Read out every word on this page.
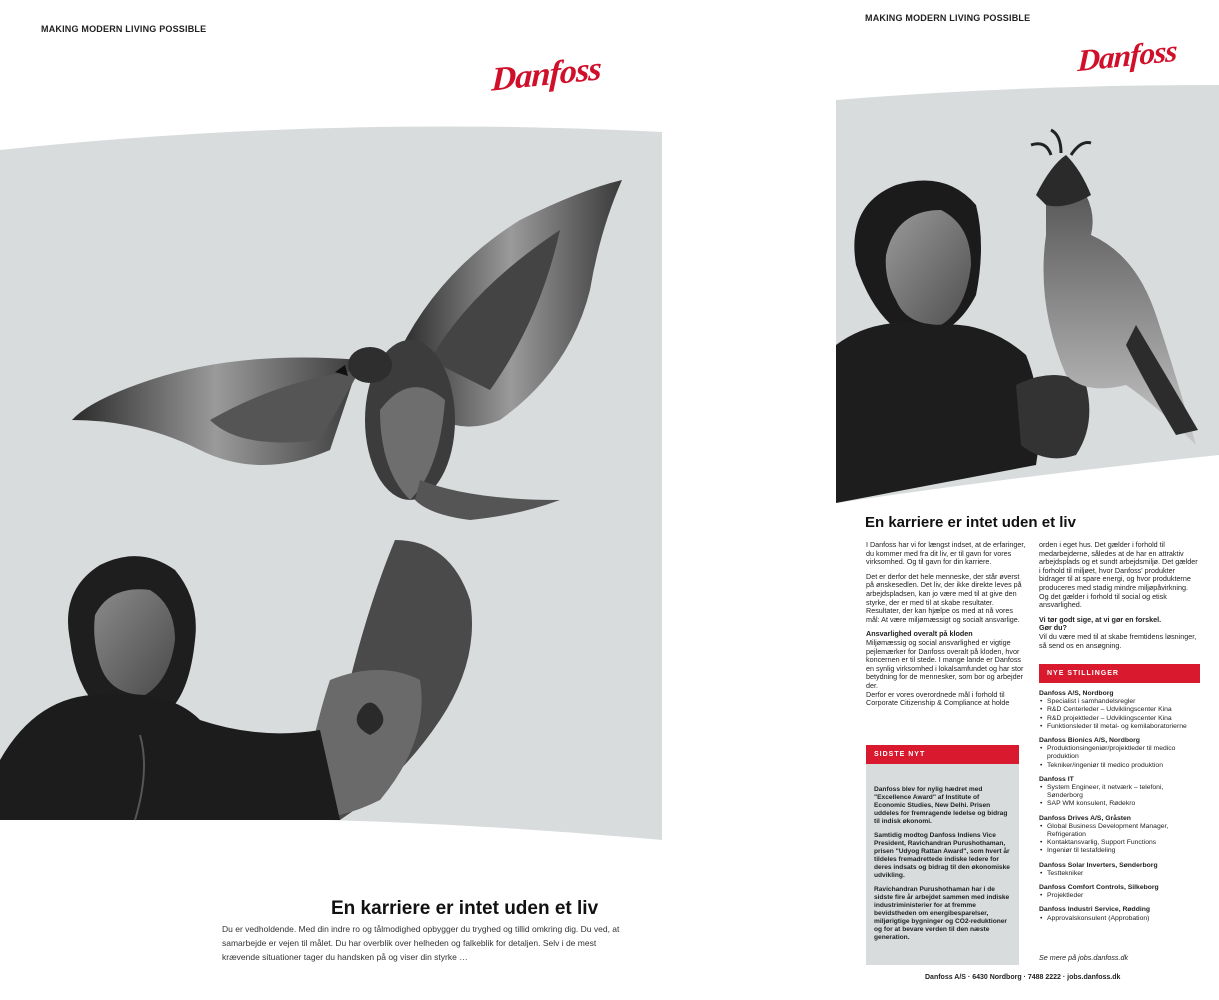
MAKING MODERN LIVING POSSIBLE
Danfoss
En karriere er intet uden et liv
Du er vedholdende. Med din indre ro og tålmodighed opbygger du tryghed og tillid omkring dig. Du ved, at samarbejde er vejen til målet. Du har overblik over helheden og falkeblik for detaljen. Selv i de mest krævende situationer tager du handsken på og viser din styrke …
MAKING MODERN LIVING POSSIBLE
Danfoss
En karriere er intet uden et liv

I Danfoss har vi for længst indset, at de erfaringer, du kommer med fra dit liv, er til gavn for vores virksomhed. Og til gavn for din karriere.

Det er derfor det hele menneske, der står øverst på ønskesedlen. Det liv, der ikke direkte leves på arbejdspladsen, kan jo være med til at give den styrke, der er med til at skabe resultater. Resultater, der kan hjælpe os med at nå vores mål: At være miljømæssigt og socialt ansvarlige.

Ansvarlighed overalt på kloden
Miljømæssig og social ansvarlighed er vigtige pejlemærker for Danfoss overalt på kloden, hvor koncernen er til stede. I mange lande er Danfoss en synlig virksomhed i lokalsamfundet og har stor betydning for de mennesker, som bor og arbejder der.
Derfor er vores overordnede mål i forhold til Corporate Citizenship & Compliance at holde
SIDSTE NYT

Danfoss blev for nylig hædret med "Excellence Award" af Institute of Economic Studies, New Delhi. Prisen uddeles for fremragende ledelse og bidrag til indisk økonomi.

Samtidig modtog Danfoss Indiens Vice President, Ravichandran Purushothaman, prisen "Udyog Rattan Award", som hvert år tildeles fremadrettede indiske ledere for deres indsats og bidrag til den økonomiske udvikling.

Ravichandran Purushothaman har i de sidste fire år arbejdet sammen med indiske industriministerier for at fremme bevidstheden om energibesparelser, miljørigtige bygninger og CO2-reduktioner og for at bevare verden til den næste generation.

orden i eget hus. Det gælder i forhold til medarbejderne, således at de har en attraktiv arbejdsplads og et sundt arbejdsmiljø. Det gælder i forhold til miljøet, hvor Danfoss' produkter bidrager til at spare energi, og hvor produkterne produceres med stadig mindre miljøpåvirkning. Og det gælder i forhold til social og etisk ansvarlighed.

Vi tør godt sige, at vi gør en forskel.
Gør du?

Vil du være med til at skabe fremtidens løsninger, så send os en ansøgning.

NYE STILLINGER
Danfoss A/S, Nordborg
• Specialist i samhandelsregler
• R&D Centerleder – Udviklingscenter Kina
• R&D projektleder – Udviklingscenter Kina
• Funktionsleder til metal- og kemilaboratorierne
Danfoss Bionics A/S, Nordborg
• Produktionsingeniør/projektleder til medico produktion
• Tekniker/ingeniør til medico produktion
Danfoss IT
• System Engineer, it netværk – telefoni, Sønderborg
• SAP WM konsulent, Rødekro
Danfoss Drives A/S, Gråsten
• Global Business Development Manager, Refrigeration
• Kontaktansvarlig, Support Functions
• Ingeniør til testafdeling
Danfoss Solar Inverters, Sønderborg
• Testtekniker
Danfoss Comfort Controls, Silkeborg
• Projektleder
Danfoss Industri Service, Rødding
• Approvalskonsulent (Approbation)
Se mere på jobs.danfoss.dk
Danfoss A/S · 6430 Nordborg · 7488 2222 · jobs.danfoss.dk
